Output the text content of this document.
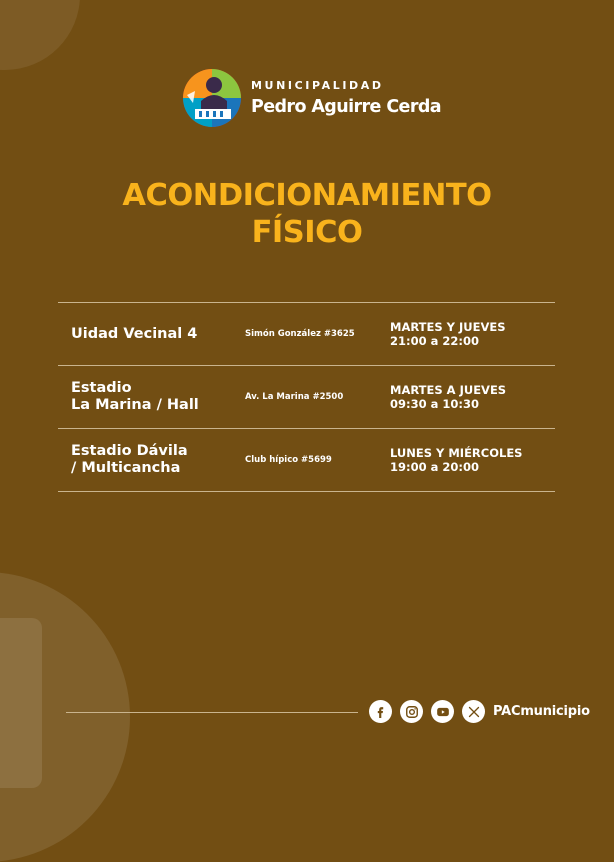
MUNICIPALIDAD
Pedro Aguirre Cerda
ACONDICIONAMIENTO
FÍSICO
Uidad Vecinal 4	Simón González #3625	MARTES Y JUEVES
21:00 a 22:00
Estadio
La Marina / Hall	Av. La Marina #2500	MARTES A JUEVES
09:30 a 10:30
Estadio Dávila
/ Multicancha	Club hípico #5699	LUNES Y MIÉRCOLES
19:00 a 20:00
PACmunicipio
